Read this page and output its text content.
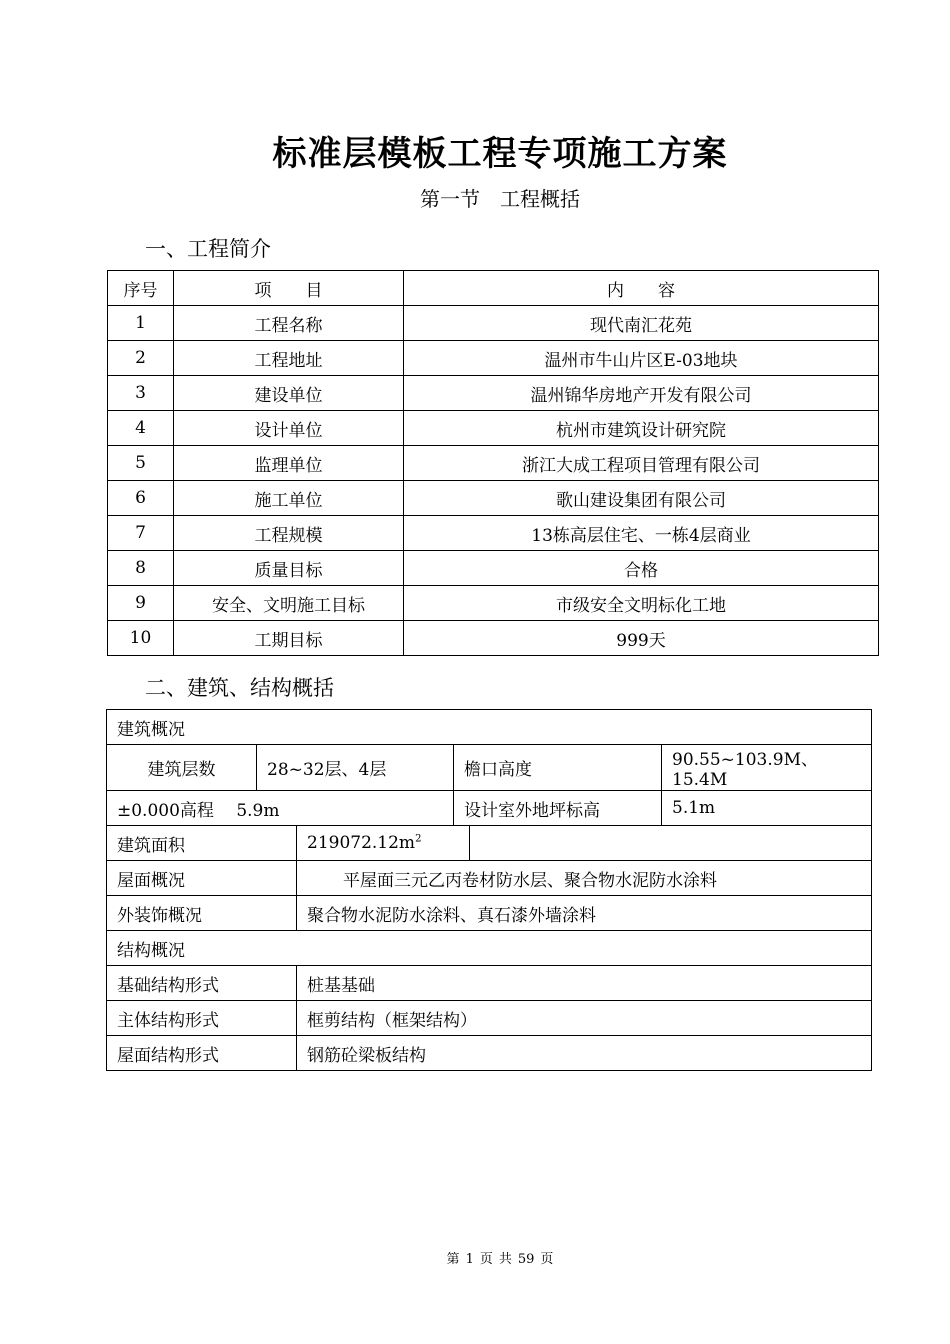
标准层模板工程专项施工方案
第一节　工程概括
一、工程简介
序号	项　　目	内　　容
1	工程名称	现代南汇花苑
2	工程地址	温州市牛山片区E-03地块
3	建设单位	温州锦华房地产开发有限公司
4	设计单位	杭州市建筑设计研究院
5	监理单位	浙江大成工程项目管理有限公司
6	施工单位	歌山建设集团有限公司
7	工程规模	13栋高层住宅、一栋4层商业
8	质量目标	合格
9	安全、文明施工目标	市级安全文明标化工地
10	工期目标	999天
二、建筑、结构概括
建筑概况					
建筑层数	28~32层、4层		檐口高度		90.55~103.9M、15.4M
±0.000高程　 5.9m			设计室外地坪标高		5.1m
建筑面积		$219072.12m^2$	
屋面概况		平屋面三元乙丙卷材防水层、聚合物水泥防水涂料			
外装饰概况		聚合物水泥防水涂料、真石漆外墙涂料			
结构概况					
基础结构形式		桩基基础			
主体结构形式		框剪结构（框架结构）			
屋面结构形式		钢筋砼梁板结构			
第 1 页 共 59 页
